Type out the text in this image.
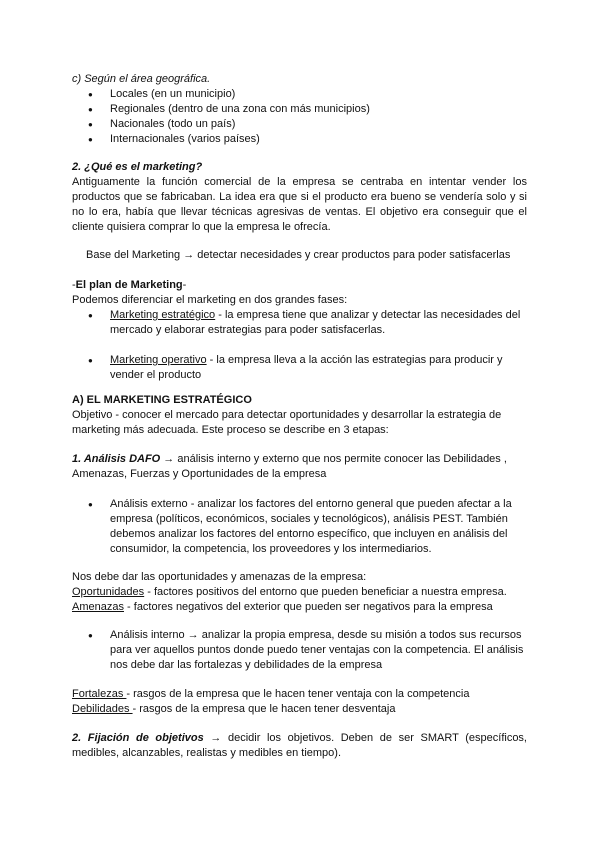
c) Según el área geográfica.

● Locales (en un municipio)
● Regionales (dentro de una zona con más municipios)
● Nacionales (todo un país)
● Internacionales (varios países)

2. ¿Qué es el marketing?

Antiguamente la función comercial de la empresa se centraba en intentar vender los productos que se fabricaban. La idea era que si el producto era bueno se vendería solo y si no lo era, había que llevar técnicas agresivas de ventas. El objetivo era conseguir que el cliente quisiera comprar lo que la empresa le ofrecía.

Base del Marketing → detectar necesidades y crear productos para poder satisfacerlas

-El plan de Marketing-

Podemos diferenciar el marketing en dos grandes fases:

● Marketing estratégico - la empresa tiene que analizar y detectar las necesidades del mercado y elaborar estrategias para poder satisfacerlas.
● Marketing operativo - la empresa lleva a la acción las estrategias para producir y vender el producto

A) EL MARKETING ESTRATÉGICO

Objetivo - conocer el mercado para detectar oportunidades y desarrollar la estrategia de marketing más adecuada. Este proceso se describe en 3 etapas:

1. Análisis DAFO → análisis interno y externo que nos permite conocer las Debilidades , Amenazas, Fuerzas y Oportunidades de la empresa

● Análisis externo - analizar los factores del entorno general que pueden afectar a la empresa (políticos, económicos, sociales y tecnológicos), análisis PEST. También debemos analizar los factores del entorno específico, que incluyen en análisis del consumidor, la competencia, los proveedores y los intermediarios.

Nos debe dar las oportunidades y amenazas de la empresa:

Oportunidades - factores positivos del entorno que pueden beneficiar a nuestra empresa.

Amenazas - factores negativos del exterior que pueden ser negativos para la empresa

● Análisis interno → analizar la propia empresa, desde su misión a todos sus recursos para ver aquellos puntos donde puedo tener ventajas con la competencia. El análisis nos debe dar las fortalezas y debilidades de la empresa

Fortalezas - rasgos de la empresa que le hacen tener ventaja con la competencia

Debilidades - rasgos de la empresa que le hacen tener desventaja

2. Fijación de objetivos → decidir los objetivos. Deben de ser SMART (específicos, medibles, alcanzables, realistas y medibles en tiempo).
